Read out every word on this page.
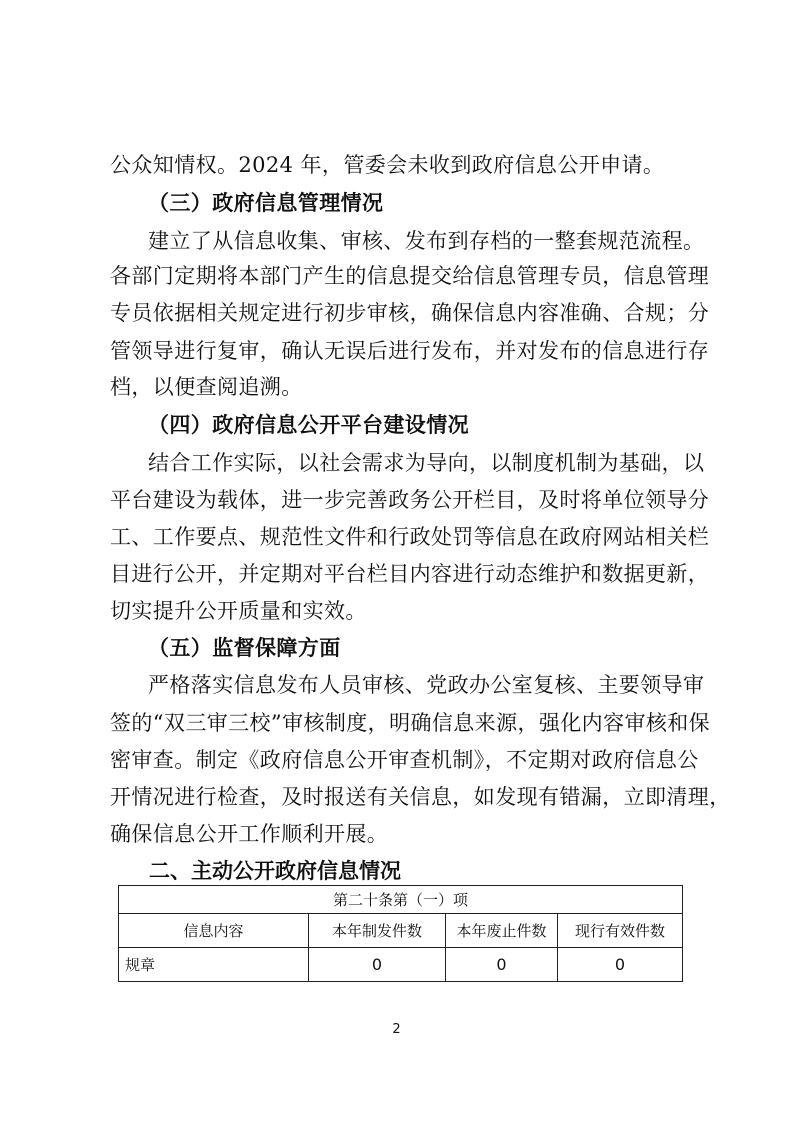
公众知情权。2024 年，管委会未收到政府信息公开申请。
（三）政府信息管理情况
建立了从信息收集、审核、发布到存档的一整套规范流程。
各部门定期将本部门产生的信息提交给信息管理专员，信息管理
专员依据相关规定进行初步审核，确保信息内容准确、合规；分
管领导进行复审，确认无误后进行发布，并对发布的信息进行存
档，以便查阅追溯。
（四）政府信息公开平台建设情况
结合工作实际，以社会需求为导向，以制度机制为基础，以
平台建设为载体，进一步完善政务公开栏目，及时将单位领导分
工、工作要点、规范性文件和行政处罚等信息在政府网站相关栏
目进行公开，并定期对平台栏目内容进行动态维护和数据更新，
切实提升公开质量和实效。
（五）监督保障方面
严格落实信息发布人员审核、党政办公室复核、主要领导审
签的“双三审三校”审核制度，明确信息来源，强化内容审核和保
密审查。制定《政府信息公开审查机制》，不定期对政府信息公
开情况进行检查，及时报送有关信息，如发现有错漏，立即清理，
确保信息公开工作顺利开展。
二、主动公开政府信息情况
第二十条第（一）项			
信息内容	本年制发件数	本年废止件数	现行有效件数
规章	0	0	0
2
